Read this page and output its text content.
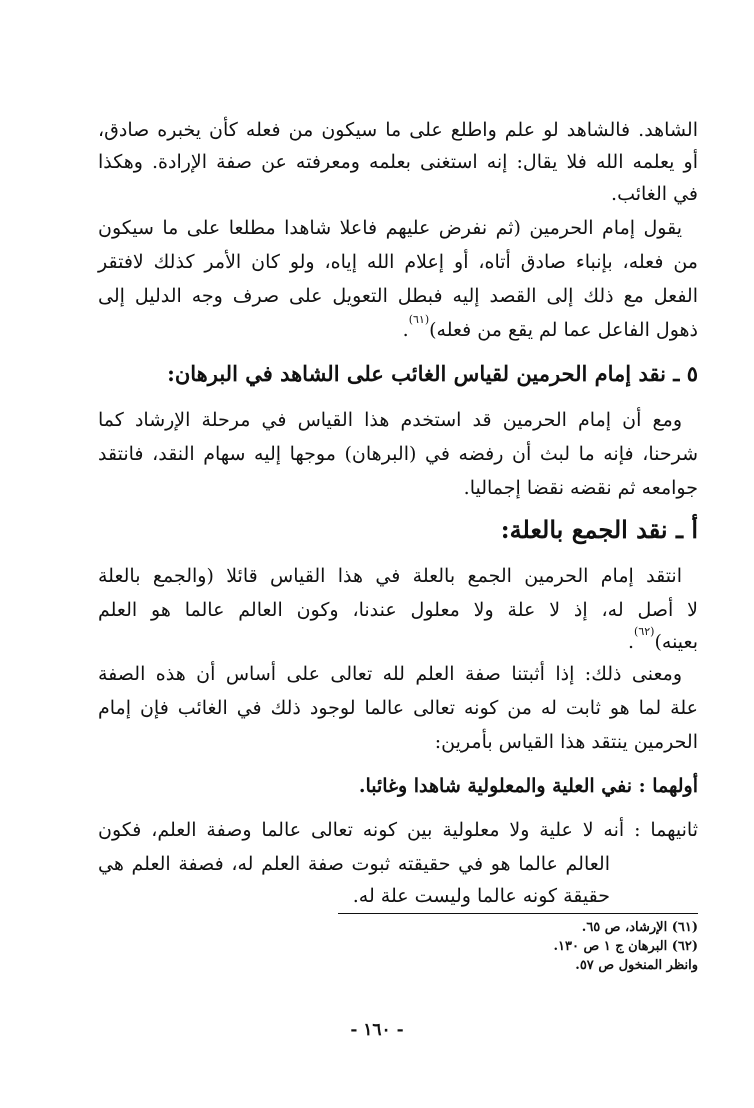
الشاهد. فالشاهد لو علم واطلع على ما سيكون من فعله كأن يخبره صادق،
أو يعلمه الله فلا يقال: إنه استغنى بعلمه ومعرفته عن صفة الإرادة. وهكذا
في الغائب.
يقول إمام الحرمين (ثم نفرض عليهم فاعلا شاهدا مطلعا على ما سيكون
من فعله، بإنباء صادق أتاه، أو إعلام الله إياه، ولو كان الأمر كذلك لافتقر
الفعل مع ذلك إلى القصد إليه فبطل التعويل على صرف وجه الدليل إلى
ذهول الفاعل عما لم يقع من فعله)$^{(٦١)}$.
٥ ـ نقد إمام الحرمين لقياس الغائب على الشاهد في البرهان:
ومع أن إمام الحرمين قد استخدم هذا القياس في مرحلة الإرشاد كما
شرحنا، فإنه ما لبث أن رفضه في (البرهان) موجها إليه سهام النقد، فانتقد
جوامعه ثم نقضه نقضا إجماليا.
أ ـ نقد الجمع بالعلة:
انتقد إمام الحرمين الجمع بالعلة في هذا القياس قائلا (والجمع بالعلة
لا أصل له، إذ لا علة ولا معلول عندنا، وكون العالم عالما هو العلم
بعينه)$^{(٦٢)}$.
ومعنى ذلك: إذا أثبتنا صفة العلم لله تعالى على أساس أن هذه الصفة
علة لما هو ثابت له من كونه تعالى عالما لوجود ذلك في الغائب فإن إمام
الحرمين ينتقد هذا القياس بأمرين:
أولهما : نفي العلية والمعلولية شاهدا وغائبا.
ثانيهما : أنه لا علية ولا معلولية بين كونه تعالى عالما وصفة العلم، فكون
العالم عالما هو في حقيقته ثبوت صفة العلم له، فصفة العلم هي
حقيقة كونه عالما وليست علة له.
(٦١) الإرشاد، ص ٦٥.
(٦٢) البرهان ج ١ ص ١٣٠.
وانظر المنخول ص ٥٧.
- ١٦٠ -
